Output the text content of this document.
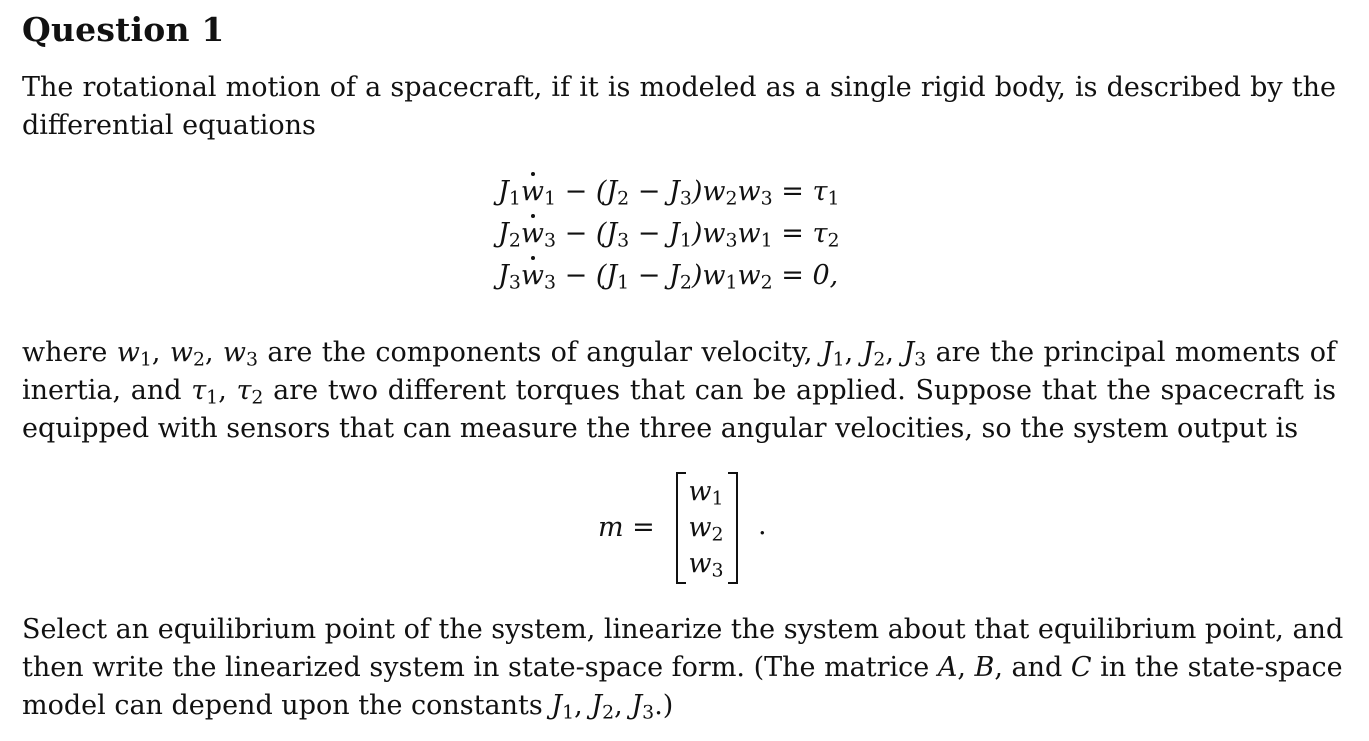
Question 1
The rotational motion of a spacecraft, if it is modeled as a single rigid body, is described by the
differential equations
$J_1w_1 - (J_2 - J_3)w_2w_3 = \tau_1$
$J_2w_3 - (J_3 - J_1)w_3w_1 = \tau_2$
$J_3w_3 - (J_1 - J_2)w_1w_2 = 0$,
where $w_1$, $w_2$, $w_3$ are the components of angular velocity, $J_1$, $J_2$, $J_3$ are the principal moments of
inertia, and $\tau_1$, $\tau_2$ are two different torques that can be applied. Suppose that the spacecraft is
equipped with sensors that can measure the three angular velocities, so the system output is
m =
$w_1$
$w_2$
$w_3$
.
Select an equilibrium point of the system, linearize the system about that equilibrium point, and
then write the linearized system in state-space form. (The matrice A, B, and C in the state-space
model can depend upon the constants $J_1$, $J_2$, $J_3$.)
